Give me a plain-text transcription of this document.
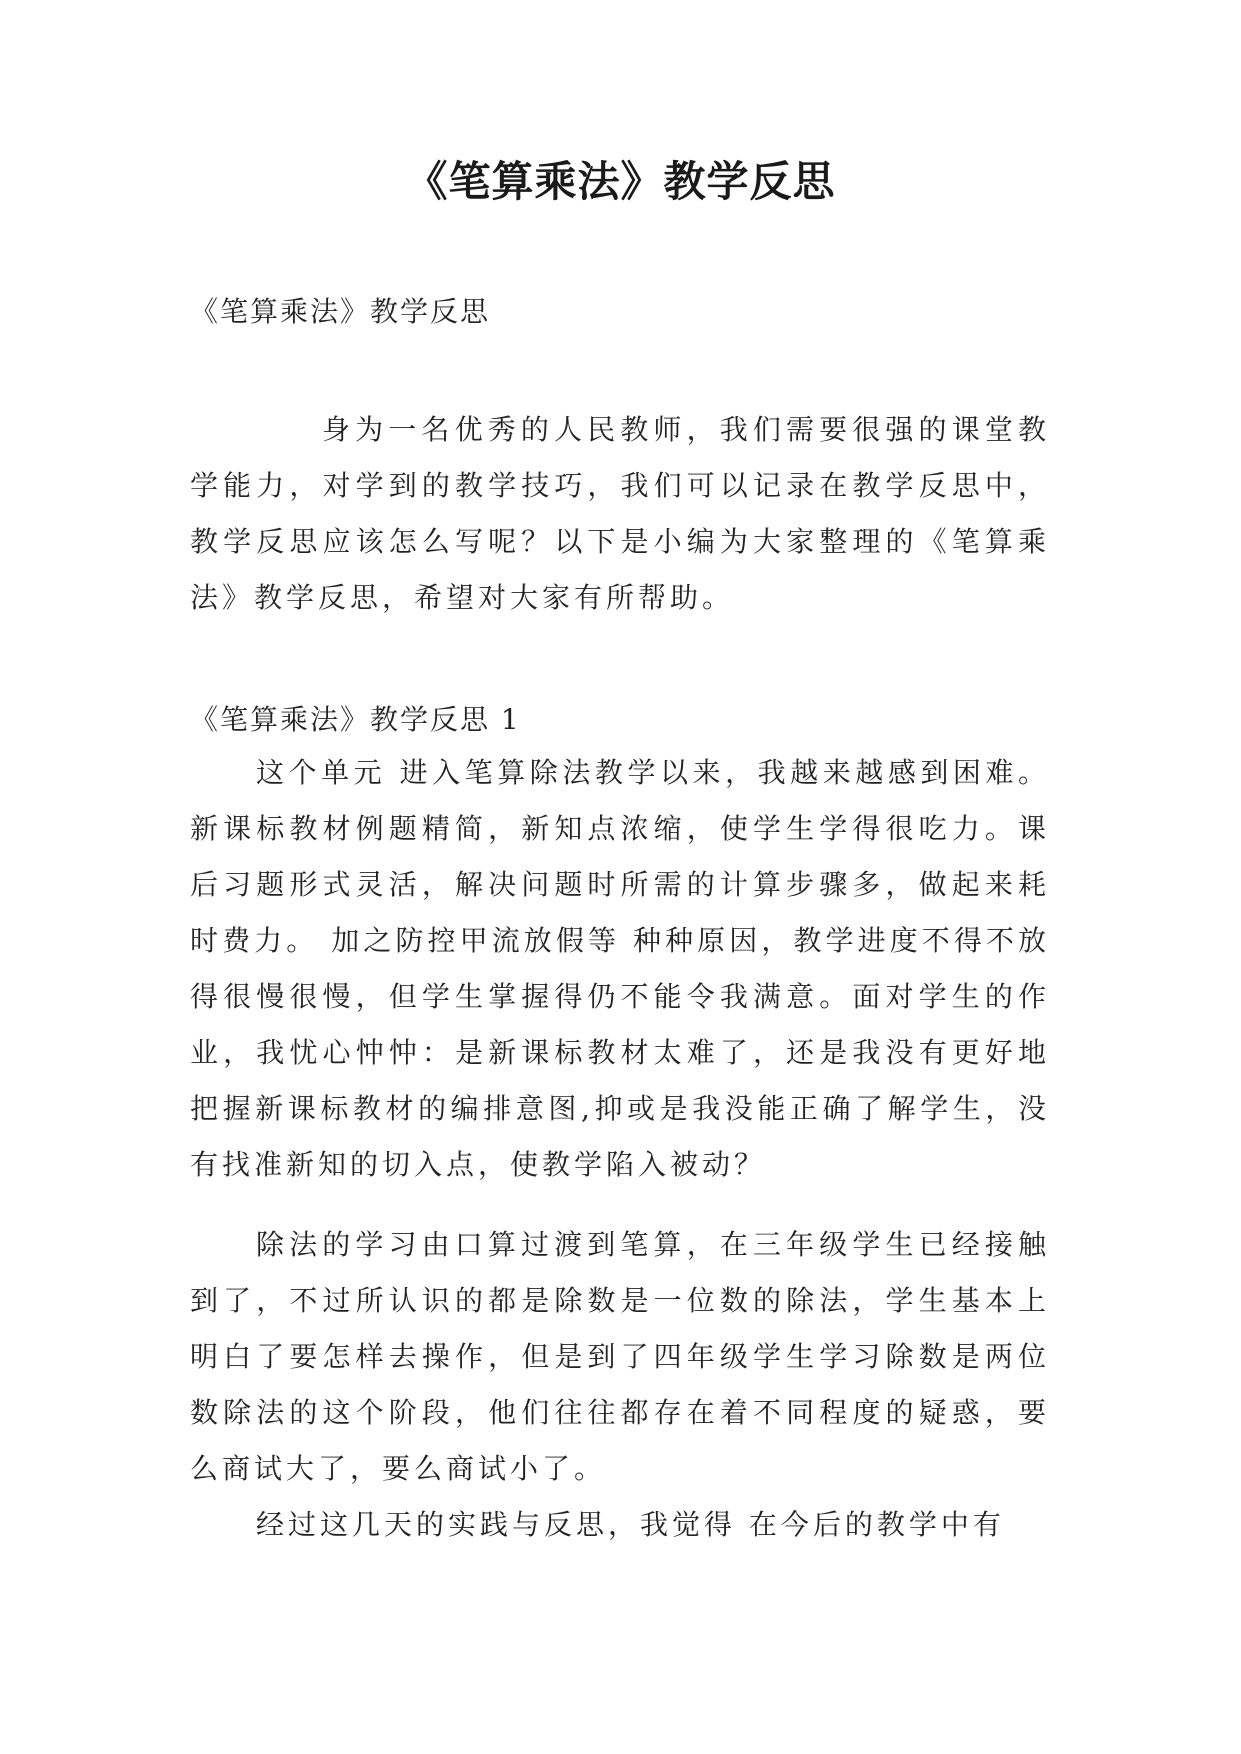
《笔算乘法》教学反思
《笔算乘法》教学反思

身为一名优秀的人民教师，我们需要很强的课堂教学能力，对学到的教学技巧，我们可以记录在教学反思中，教学反思应该怎么写呢？以下是小编为大家整理的《笔算乘法》教学反思，希望对大家有所帮助。

《笔算乘法》教学反思 1

这个单元 进入笔算除法教学以来，我越来越感到困难。新课标教材例题精简，新知点浓缩，使学生学得很吃力。课后习题形式灵活，解决问题时所需的计算步骤多，做起来耗时费力。 加之防控甲流放假等 种种原因，教学进度不得不放得很慢很慢，但学生掌握得仍不能令我满意。面对学生的作业，我忧心忡忡：是新课标教材太难了，还是我没有更好地把握新课标教材的编排意图,抑或是我没能正确了解学生，没有找准新知的切入点，使教学陷入被动？

除法的学习由口算过渡到笔算，在三年级学生已经接触到了，不过所认识的都是除数是一位数的除法，学生基本上明白了要怎样去操作，但是到了四年级学生学习除数是两位数除法的这个阶段，他们往往都存在着不同程度的疑惑，要么商试大了，要么商试小了。

经过这几天的实践与反思，我觉得 在今后的教学中有
